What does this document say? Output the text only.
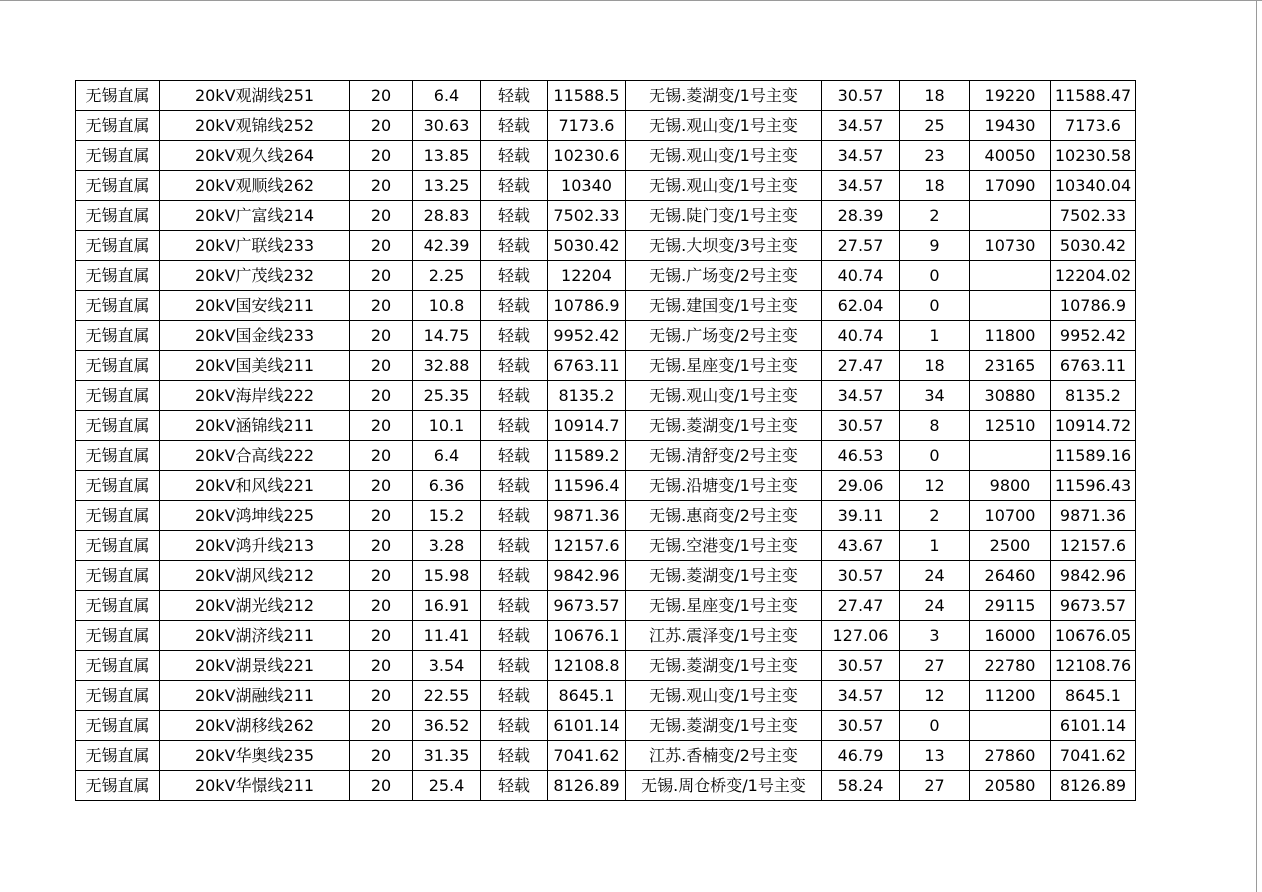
无锡直属	20kV观湖线251	20	6.4	轻载	11588.5	无锡.菱湖变/1号主变	30.57	18	19220	11588.47
无锡直属	20kV观锦线252	20	30.63	轻载	7173.6	无锡.观山变/1号主变	34.57	25	19430	7173.6
无锡直属	20kV观久线264	20	13.85	轻载	10230.6	无锡.观山变/1号主变	34.57	23	40050	10230.58
无锡直属	20kV观顺线262	20	13.25	轻载	10340	无锡.观山变/1号主变	34.57	18	17090	10340.04
无锡直属	20kV广富线214	20	28.83	轻载	7502.33	无锡.陡门变/1号主变	28.39	2		7502.33
无锡直属	20kV广联线233	20	42.39	轻载	5030.42	无锡.大坝变/3号主变	27.57	9	10730	5030.42
无锡直属	20kV广茂线232	20	2.25	轻载	12204	无锡.广场变/2号主变	40.74	0		12204.02
无锡直属	20kV国安线211	20	10.8	轻载	10786.9	无锡.建国变/1号主变	62.04	0		10786.9
无锡直属	20kV国金线233	20	14.75	轻载	9952.42	无锡.广场变/2号主变	40.74	1	11800	9952.42
无锡直属	20kV国美线211	20	32.88	轻载	6763.11	无锡.星座变/1号主变	27.47	18	23165	6763.11
无锡直属	20kV海岸线222	20	25.35	轻载	8135.2	无锡.观山变/1号主变	34.57	34	30880	8135.2
无锡直属	20kV涵锦线211	20	10.1	轻载	10914.7	无锡.菱湖变/1号主变	30.57	8	12510	10914.72
无锡直属	20kV合高线222	20	6.4	轻载	11589.2	无锡.清舒变/2号主变	46.53	0		11589.16
无锡直属	20kV和风线221	20	6.36	轻载	11596.4	无锡.沿塘变/1号主变	29.06	12	9800	11596.43
无锡直属	20kV鸿坤线225	20	15.2	轻载	9871.36	无锡.惠商变/2号主变	39.11	2	10700	9871.36
无锡直属	20kV鸿升线213	20	3.28	轻载	12157.6	无锡.空港变/1号主变	43.67	1	2500	12157.6
无锡直属	20kV湖风线212	20	15.98	轻载	9842.96	无锡.菱湖变/1号主变	30.57	24	26460	9842.96
无锡直属	20kV湖光线212	20	16.91	轻载	9673.57	无锡.星座变/1号主变	27.47	24	29115	9673.57
无锡直属	20kV湖济线211	20	11.41	轻载	10676.1	江苏.震泽变/1号主变	127.06	3	16000	10676.05
无锡直属	20kV湖景线221	20	3.54	轻载	12108.8	无锡.菱湖变/1号主变	30.57	27	22780	12108.76
无锡直属	20kV湖融线211	20	22.55	轻载	8645.1	无锡.观山变/1号主变	34.57	12	11200	8645.1
无锡直属	20kV湖移线262	20	36.52	轻载	6101.14	无锡.菱湖变/1号主变	30.57	0		6101.14
无锡直属	20kV华奥线235	20	31.35	轻载	7041.62	江苏.香楠变/2号主变	46.79	13	27860	7041.62
无锡直属	20kV华憬线211	20	25.4	轻载	8126.89	无锡.周仓桥变/1号主变	58.24	27	20580	8126.89
